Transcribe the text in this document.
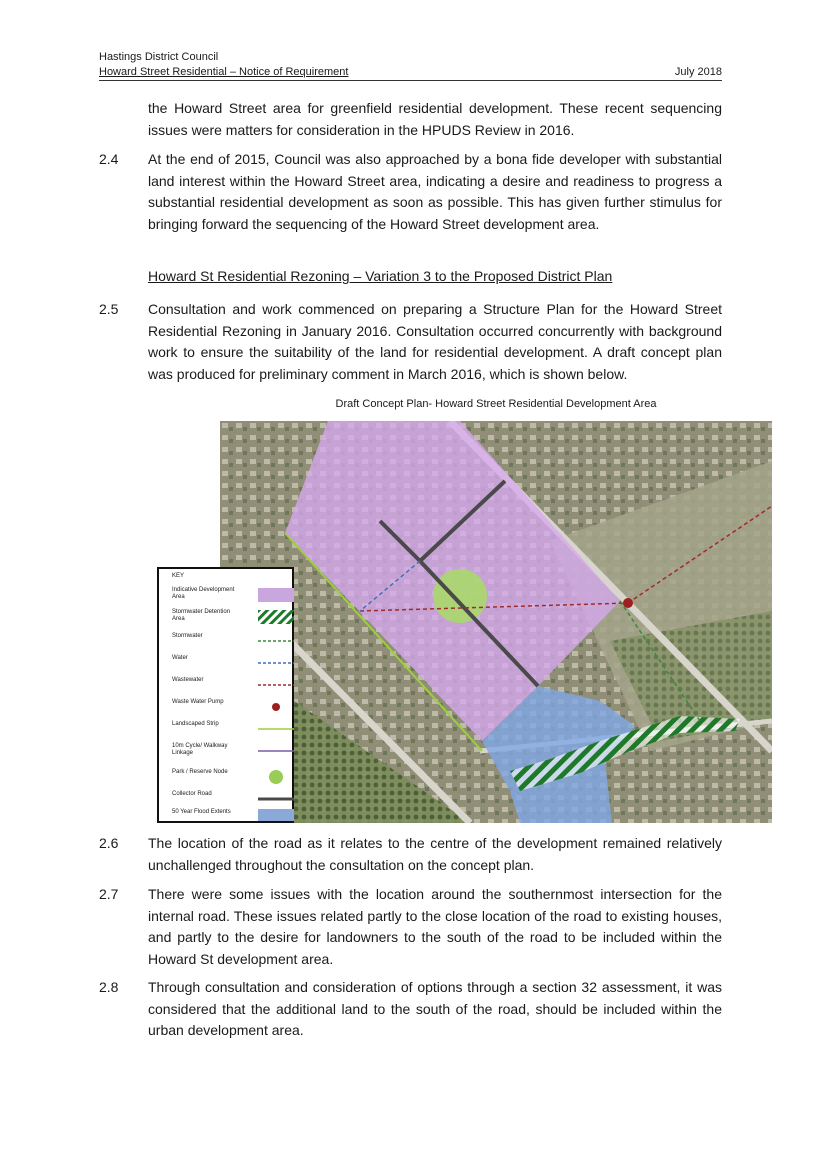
Hastings District Council
Howard Street Residential – Notice of Requirement	July 2018
the Howard Street area for greenfield residential development. These recent sequencing issues were matters for consideration in the HPUDS Review in 2016.
2.4 At the end of 2015, Council was also approached by a bona fide developer with substantial land interest within the Howard Street area, indicating a desire and readiness to progress a substantial residential development as soon as possible. This has given further stimulus for bringing forward the sequencing of the Howard Street development area.
Howard St Residential Rezoning – Variation 3 to the Proposed District Plan
2.5 Consultation and work commenced on preparing a Structure Plan for the Howard Street Residential Rezoning in January 2016. Consultation occurred concurrently with background work to ensure the suitability of the land for residential development. A draft concept plan was produced for preliminary comment in March 2016, which is shown below.
Draft Concept Plan- Howard Street Residential Development Area
KEY
Indicative Development Area
Stormwater Detention Area
Stormwater
Water
Wastewater
Waste Water Pump
Landscaped Strip
10m Cycle/ Walkway Linkage
Park / Reserve Node
Collector Road
50 Year Flood Extents
2.6 The location of the road as it relates to the centre of the development remained relatively unchallenged throughout the consultation on the concept plan.
2.7 There were some issues with the location around the southernmost intersection for the internal road. These issues related partly to the close location of the road to existing houses, and partly to the desire for landowners to the south of the road to be included within the Howard St development area.
2.8 Through consultation and consideration of options through a section 32 assessment, it was considered that the additional land to the south of the road, should be included within the urban development area.
